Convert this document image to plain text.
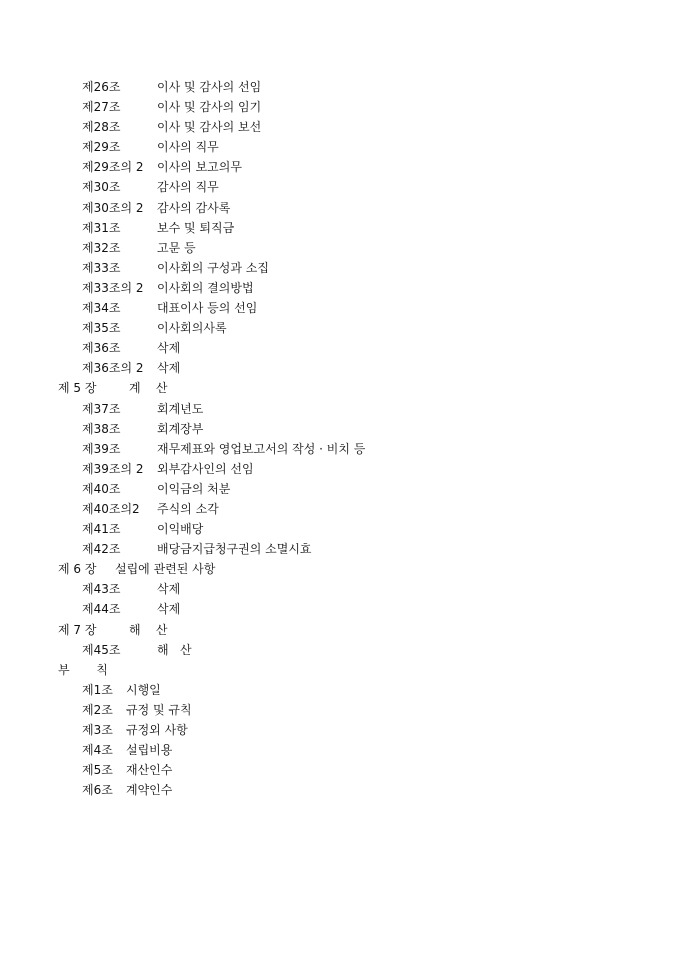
제26조	이사 및 감사의 선임
제27조	이사 및 감사의 임기
제28조	이사 및 감사의 보선
제29조	이사의 직무
제29조의 2 이사의 보고의무
제30조	감사의 직무
제30조의 2 감사의 감사록
제31조	보수 및 퇴직금
제32조	고문 등
제33조	이사회의 구성과 소집
제33조의 2 이사회의 결의방법
제34조	대표이사 등의 선임
제35조	이사회의사록
제36조	삭제
제36조의 2 삭제
제 5 장	계    산
제37조	회계년도
제38조	회계장부
제39조	재무제표와 영업보고서의 작성 · 비치 등
제39조의 2 외부감사인의 선임
제40조	이익금의 처분
제40조의2 주식의 소각
제41조	이익배당
제42조	배당금지급청구권의 소멸시효
제 6 장 설립에 관련된 사항
제43조	삭제
제44조	삭제
제 7 장	해    산
제45조	해   산
부       칙
제1조 시행일
제2조 규정 및 규칙
제3조 규정외 사항
제4조 설립비용
제5조 재산인수
제6조 계약인수
